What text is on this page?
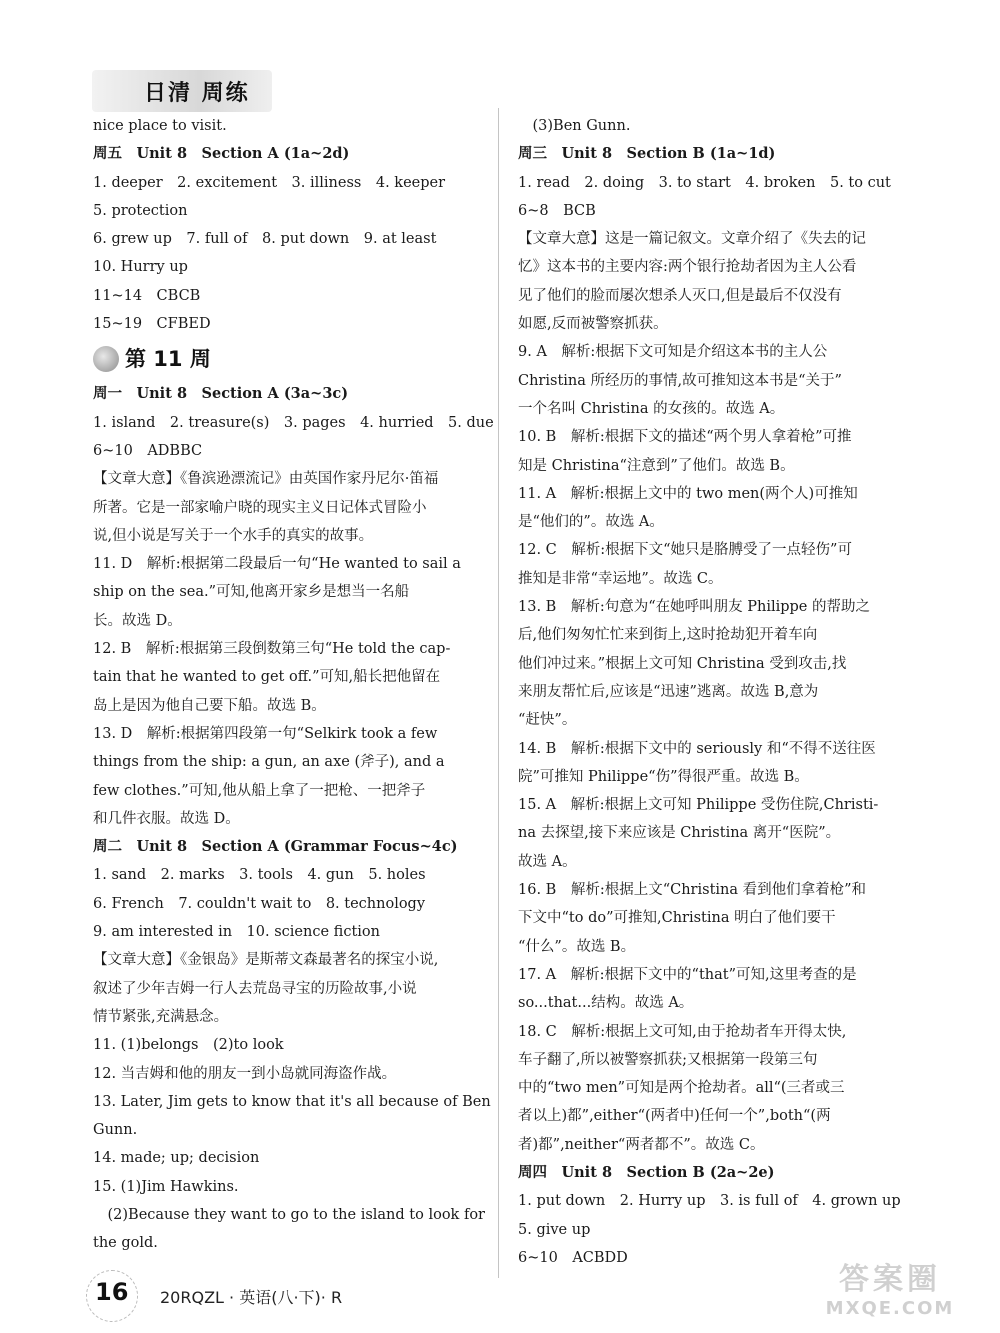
日清 周练
nice place to visit.
周五　Unit 8　Section A (1a~2d)
1. deeper　2. excitement　3. illiness　4. keeper
5. protection
6. grew up　7. full of　8. put down　9. at least
10. Hurry up
11~14　CBCB
15~19　CFBED
第 11 周
周一　Unit 8　Section A (3a~3c)
1. island　2. treasure(s)　3. pages　4. hurried　5. due
6~10　ADBBC
【文章大意】《鲁滨逊漂流记》由英国作家丹尼尔·笛福
所著。它是一部家喻户晓的现实主义日记体式冒险小
说,但小说是写关于一个水手的真实的故事。
11. D　解析:根据第二段最后一句“He wanted to sail a
ship on the sea.”可知,他离开家乡是想当一名船
长。故选 D。
12. B　解析:根据第三段倒数第三句“He told the cap-
tain that he wanted to get off.”可知,船长把他留在
岛上是因为他自己要下船。故选 B。
13. D　解析:根据第四段第一句“Selkirk took a few
things from the ship: a gun, an axe (斧子), and a
few clothes.”可知,他从船上拿了一把枪、一把斧子
和几件衣服。故选 D。
周二　Unit 8　Section A (Grammar Focus~4c)
1. sand　2. marks　3. tools　4. gun　5. holes
6. French　7. couldn't wait to　8. technology
9. am interested in　10. science fiction
【文章大意】《金银岛》是斯蒂文森最著名的探宝小说,
叙述了少年吉姆一行人去荒岛寻宝的历险故事,小说
情节紧张,充满悬念。
11. (1)belongs　(2)to look
12. 当吉姆和他的朋友一到小岛就同海盗作战。
13. Later, Jim gets to know that it's all because of Ben
Gunn.
14. made; up; decision
15. (1)Jim Hawkins.
　(2)Because they want to go to the island to look for
the gold.
　(3)Ben Gunn.
周三　Unit 8　Section B (1a~1d)
1. read　2. doing　3. to start　4. broken　5. to cut
6~8　BCB
【文章大意】这是一篇记叙文。文章介绍了《失去的记
忆》这本书的主要内容:两个银行抢劫者因为主人公看
见了他们的脸而屡次想杀人灭口,但是最后不仅没有
如愿,反而被警察抓获。
9. A　解析:根据下文可知是介绍这本书的主人公
Christina 所经历的事情,故可推知这本书是“关于”
一个名叫 Christina 的女孩的。故选 A。
10. B　解析:根据下文的描述“两个男人拿着枪”可推
知是 Christina“注意到”了他们。故选 B。
11. A　解析:根据上文中的 two men(两个人)可推知
是“他们的”。故选 A。
12. C　解析:根据下文“她只是胳膊受了一点轻伤”可
推知是非常“幸运地”。故选 C。
13. B　解析:句意为“在她呼叫朋友 Philippe 的帮助之
后,他们匆匆忙忙来到街上,这时抢劫犯开着车向
他们冲过来。”根据上文可知 Christina 受到攻击,找
来朋友帮忙后,应该是“迅速”逃离。故选 B,意为
“赶快”。
14. B　解析:根据下文中的 seriously 和“不得不送往医
院”可推知 Philippe“伤”得很严重。故选 B。
15. A　解析:根据上文可知 Philippe 受伤住院,Christi-
na 去探望,接下来应该是 Christina 离开“医院”。
故选 A。
16. B　解析:根据上文“Christina 看到他们拿着枪”和
下文中“to do”可推知,Christina 明白了他们要干
“什么”。故选 B。
17. A　解析:根据下文中的“that”可知,这里考查的是
so...that...结构。故选 A。
18. C　解析:根据上文可知,由于抢劫者车开得太快,
车子翻了,所以被警察抓获;又根据第一段第三句
中的“two men”可知是两个抢劫者。all“(三者或三
者以上)都”,either“(两者中)任何一个”,both“(两
者)都”,neither“两者都不”。故选 C。
周四　Unit 8　Section B (2a~2e)
1. put down　2. Hurry up　3. is full of　4. grown up
5. give up
6~10　ACBDD
16 20RQZL · 英语(八·下)· R
答案圈
MXQE.COM
